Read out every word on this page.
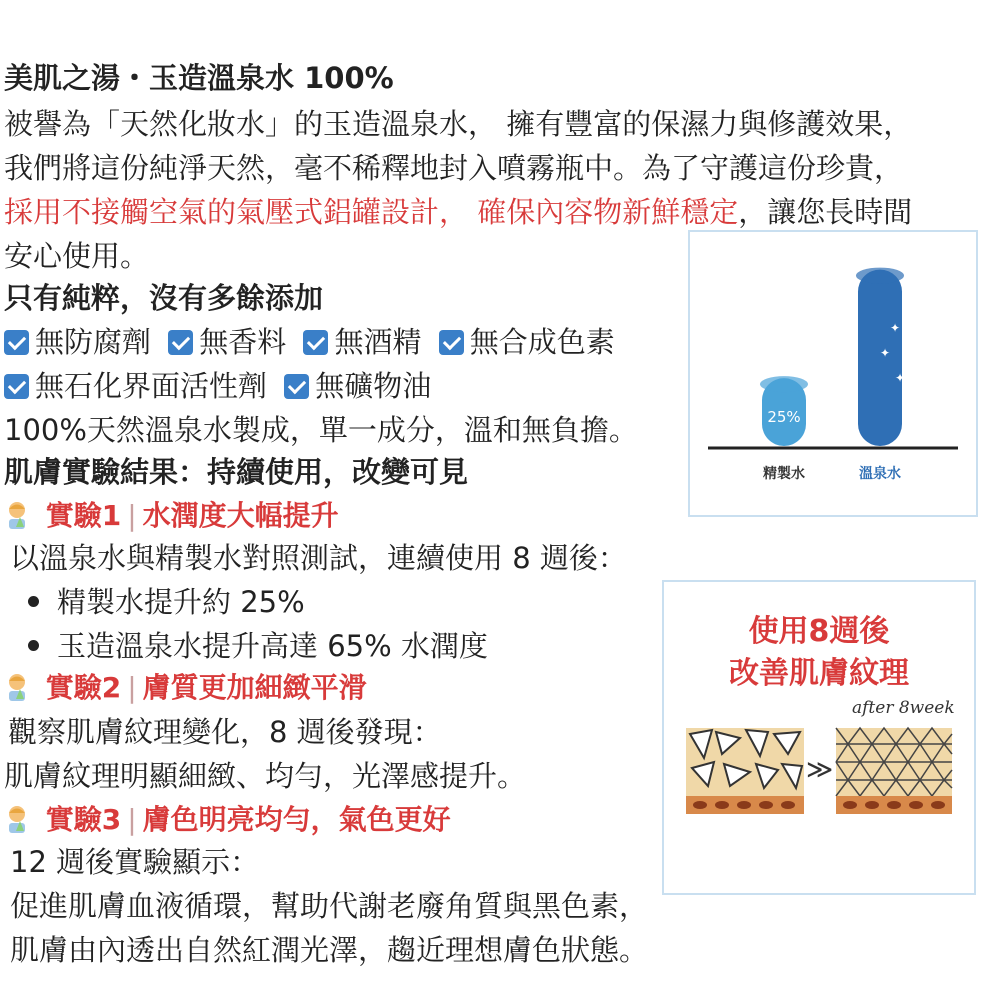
美肌之湯・玉造溫泉水 100%
被譽為「天然化妝水」的玉造溫泉水， 擁有豐富的保濕力與修護效果，
我們將這份純淨天然，毫不稀釋地封入噴霧瓶中。為了守護這份珍貴，
採用不接觸空氣的氣壓式鋁罐設計， 確保內容物新鮮穩定，讓您長時間
安心使用。
只有純粹，沒有多餘添加
無防腐劑 無香料 無酒精 無合成色素
無石化界面活性劑 無礦物油
100%天然溫泉水製成，單一成分，溫和無負擔。
肌膚實驗結果：持續使用，改變可見
實驗1 | 水潤度大幅提升
以溫泉水與精製水對照測試，連續使用 8 週後：
精製水提升約 25%
玉造溫泉水提升高達 65% 水潤度
實驗2 | 膚質更加細緻平滑
觀察肌膚紋理變化，8 週後發現：
肌膚紋理明顯細緻、均勻，光澤感提升。
實驗3 | 膚色明亮均勻，氣色更好
12 週後實驗顯示：
促進肌膚血液循環，幫助代謝老廢角質與黑色素，
肌膚由內透出自然紅潤光澤，趨近理想膚色狀態。
精製水	溫泉水
25%
✦
✦
✦
使用8週後
改善肌膚紋理
after 8week
≫
